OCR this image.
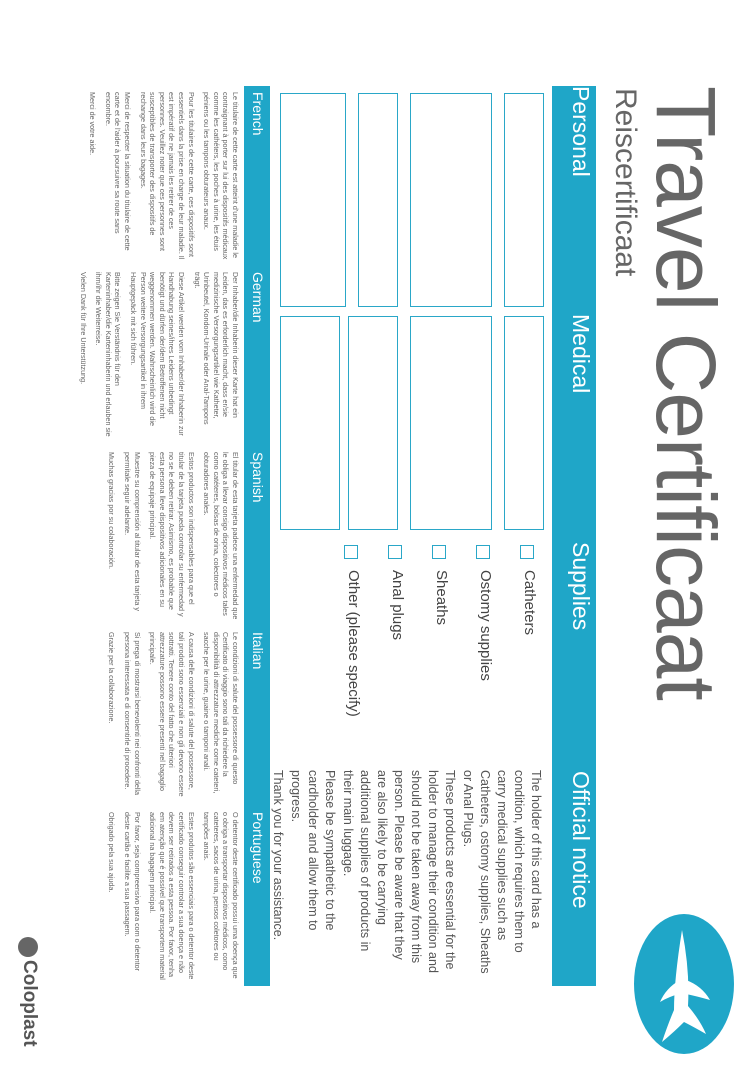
Travel Certificaat
Reiscertificaat
Personal
Medical
Supplies
Official notice
Catheters
Ostomy supplies
Sheaths
Anal plugs
Other (please specify)

The holder of this card has a condition, which requires them to carry medical supplies such as Catheters, ostomy supplies, Sheaths or Anal Plugs.

These products are essential for the holder to manage their condition and should not be taken away from this person. Please be aware that they are also likely to be carrying additional supplies of products in their main luggage.

Please be sympathetic to the cardholder and allow them to progress.

Thank you for your assistance.

French
German
Spanish
Italian
Portuguese

Le titulaire de cette carte est atteint d'une maladie le contraignant à porter sur lui des dispositifs médicaux comme les cathéters, les poches à urine, les étuis péniens ou les tampons obturateurs anaux.

Pour les titulaires de cette carte, ces dispositifs sont essentiels dans la prise en charge de leur maladie. Il est impératif de ne jamais les retirer de ces personnes. Veuillez noter que ces personnes sont susceptibles de transporter des dispositifs de rechange dans leurs bagages.

Merci de respecter la situation du titulaire de cette carte et de l'aider à poursuivre sa route sans encombre.

Merci de votre aide.

Der Inhaber/die Inhaberin dieser Karte hat ein Leiden, das es erforderlich macht, dass er/sie medizinische Versorgungsartikel wie Katheter, Urinbeutel, Kondom-Urinale oder Anal-Tampons trägt.

Diese Artikel werden vom Inhaber/der Inhaberin zur Handhabung seines/ihres Leidens unbedingt benötigt und dürfen der/dem Betroffenen nicht weggenommen werden. Wahrscheinlich wird die Person weitere Versorgungsartikel in ihrem Hauptgepäck mit sich führen.

Bitte zeigen Sie Verständnis für den Karteninhaber/die Karteninhaberin und erlauben sie ihm/ihr die Weiterreise.

Vielen Dank für Ihre Unterstützung.

El titular de esta tarjeta padece una enfermedad que le obliga a llevar consigo dispositivos médicos tales como catéteres, bolsas de orina, colectores o obturadores anales.

Estos productos son indispensables para que el titular de la tarjeta pueda controlar su enfermedad y no se le deben retirar. Asimismo, es probable que esta persona lleve dispositivos adicionales en su pieza de equipaje principal.

Muestre su comprensión al titular de esta tarjeta y permítale seguir adelante.

Muchas gracias por su colaboración.

Le condizioni di salute del possessore di questo Certificato di viaggio sono tali da richiedere la disponibilità di attrezzature mediche come cateteri, sacche per le urine, guaine o tamponi anali.

A causa delle condizioni di salute del possessore, tali prodotti sono essenziali e non gli devono essere sottratti. Tenere conto del fatto che ulteriori attrezzature possono essere presenti nel bagaglio principale.

Si prega di mostrarsi benevolenti nei confronti della persona interessata e di consentirle di procedere.

Grazie per la collaborazione.

O detentor deste certificado possui uma doença que o obriga a transportar dispositivos médicos, como cateteres, sacos de urina, pensos coletores ou tampões anais.

Estes produtos são essenciais para o detentor deste certificado conseguir controlar a sua doença e não devem ser retirados a esta pessoa. Por favor, tenha em atenção que é possível que transportem material adicional na bagagem principal.

Por favor, seja compreensivo para com o detentor deste cartão e facilite a sua passagem.

Obrigado pela sua ajuda.

Coloplast
